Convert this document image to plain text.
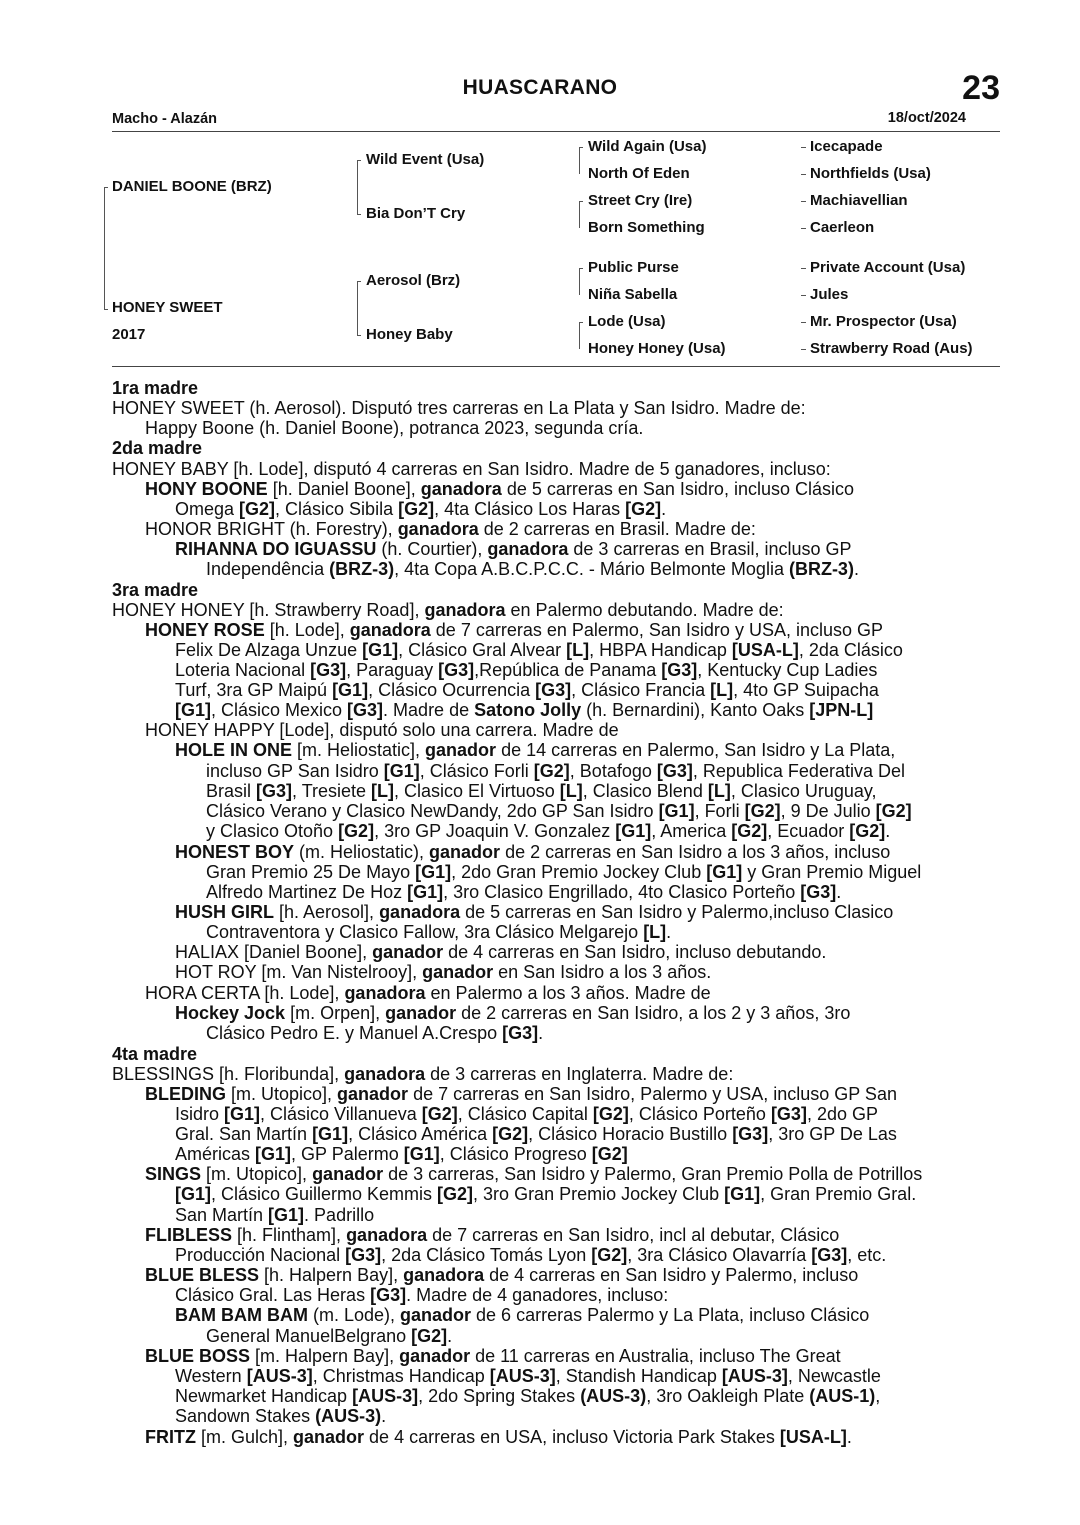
HUASCARANO	23
Macho - Alazán	18/oct/2024
DANIEL BOONE (BRZ)
HONEY SWEET
2017
Wild Event (Usa)
Bia Don’T Cry
Aerosol (Brz)
Honey Baby
Wild Again (Usa)
North Of Eden
Street Cry (Ire)
Born Something
Public Purse
Niña Sabella
Lode (Usa)
Honey Honey (Usa)
Icecapade
Northfields (Usa)
Machiavellian
Caerleon
Private Account (Usa)
Jules
Mr. Prospector (Usa)
Strawberry Road (Aus)
1ra madre
HONEY SWEET (h. Aerosol). Disputó tres carreras en La Plata y San Isidro. Madre de:
Happy Boone (h. Daniel Boone), potranca 2023, segunda cría.
2da madre
HONEY BABY [h. Lode], disputó 4 carreras en San Isidro. Madre de 5 ganadores, incluso:
HONY BOONE [h. Daniel Boone], ganadora de 5 carreras en San Isidro, incluso Clásico
Omega [G2], Clásico Sibila [G2], 4ta Clásico Los Haras [G2].
HONOR BRIGHT (h. Forestry), ganadora de 2 carreras en Brasil. Madre de:
RIHANNA DO IGUASSU (h. Courtier), ganadora de 3 carreras en Brasil, incluso GP
Independência (BRZ-3), 4ta Copa A.B.C.P.C.C. - Mário Belmonte Moglia (BRZ-3).
3ra madre
HONEY HONEY [h. Strawberry Road], ganadora en Palermo debutando. Madre de:
HONEY ROSE [h. Lode], ganadora de 7 carreras en Palermo, San Isidro y USA, incluso GP
Felix De Alzaga Unzue [G1], Clásico Gral Alvear [L], HBPA Handicap [USA-L], 2da Clásico
Loteria Nacional [G3], Paraguay [G3],República de Panama [G3], Kentucky Cup Ladies
Turf, 3ra GP Maipú [G1], Clásico Ocurrencia [G3], Clásico Francia [L], 4to GP Suipacha
[G1], Clásico Mexico [G3]. Madre de Satono Jolly (h. Bernardini), Kanto Oaks [JPN-L]
HONEY HAPPY [Lode], disputó solo una carrera. Madre de
HOLE IN ONE [m. Heliostatic], ganador de 14 carreras en Palermo, San Isidro y La Plata,
incluso GP San Isidro [G1], Clásico Forli [G2], Botafogo [G3], Republica Federativa Del
Brasil [G3], Tresiete [L], Clasico El Virtuoso [L], Clasico Blend [L], Clasico Uruguay,
Clásico Verano y Clasico NewDandy, 2do GP San Isidro [G1], Forli [G2], 9 De Julio [G2]
y Clasico Otoño [G2], 3ro GP Joaquin V. Gonzalez [G1], America [G2], Ecuador [G2].
HONEST BOY (m. Heliostatic), ganador de 2 carreras en San Isidro a los 3 años, incluso
Gran Premio 25 De Mayo [G1], 2do Gran Premio Jockey Club [G1] y Gran Premio Miguel
Alfredo Martinez De Hoz [G1], 3ro Clasico Engrillado, 4to Clasico Porteño [G3].
HUSH GIRL [h. Aerosol], ganadora de 5 carreras en San Isidro y Palermo,incluso Clasico
Contraventora y Clasico Fallow, 3ra Clásico Melgarejo [L].
HALIAX [Daniel Boone], ganador de 4 carreras en San Isidro, incluso debutando.
HOT ROY [m. Van Nistelrooy], ganador en San Isidro a los 3 años.
HORA CERTA [h. Lode], ganadora en Palermo a los 3 años. Madre de
Hockey Jock [m. Orpen], ganador de 2 carreras en San Isidro, a los 2 y 3 años, 3ro
Clásico Pedro E. y Manuel A.Crespo [G3].
4ta madre
BLESSINGS [h. Floribunda], ganadora de 3 carreras en Inglaterra. Madre de:
BLEDING [m. Utopico], ganador de 7 carreras en San Isidro, Palermo y USA, incluso GP San
Isidro [G1], Clásico Villanueva [G2], Clásico Capital [G2], Clásico Porteño [G3], 2do GP
Gral. San Martín [G1], Clásico América [G2], Clásico Horacio Bustillo [G3], 3ro GP De Las
Américas [G1], GP Palermo [G1], Clásico Progreso [G2]
SINGS [m. Utopico], ganador de 3 carreras, San Isidro y Palermo, Gran Premio Polla de Potrillos
[G1], Clásico Guillermo Kemmis [G2], 3ro Gran Premio Jockey Club [G1], Gran Premio Gral.
San Martín [G1]. Padrillo
FLIBLESS [h. Flintham], ganadora de 7 carreras en San Isidro, incl al debutar, Clásico
Producción Nacional [G3], 2da Clásico Tomás Lyon [G2], 3ra Clásico Olavarría [G3], etc.
BLUE BLESS [h. Halpern Bay], ganadora de 4 carreras en San Isidro y Palermo, incluso
Clásico Gral. Las Heras [G3]. Madre de 4 ganadores, incluso:
BAM BAM BAM (m. Lode), ganador de 6 carreras Palermo y La Plata, incluso Clásico
General ManuelBelgrano [G2].
BLUE BOSS [m. Halpern Bay], ganador de 11 carreras en Australia, incluso The Great
Western [AUS-3], Christmas Handicap [AUS-3], Standish Handicap [AUS-3], Newcastle
Newmarket Handicap [AUS-3], 2do Spring Stakes (AUS-3), 3ro Oakleigh Plate (AUS-1),
Sandown Stakes (AUS-3).
FRITZ [m. Gulch], ganador de 4 carreras en USA, incluso Victoria Park Stakes [USA-L].
